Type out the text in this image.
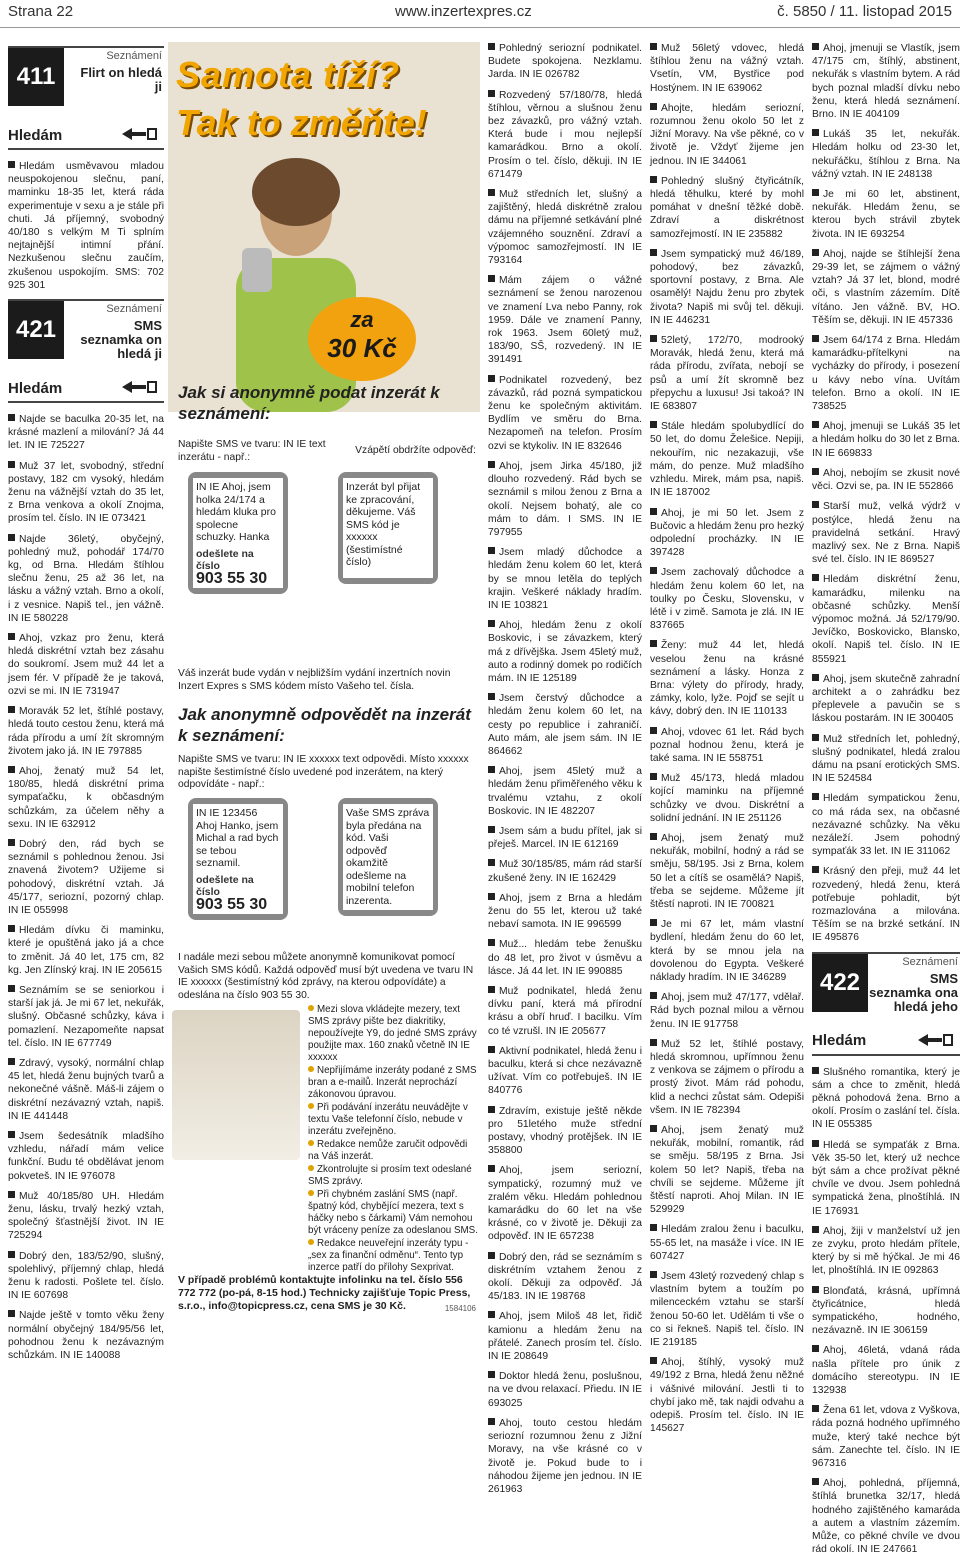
Strana 22	www.inzertexpres.cz	č. 5850 / 11. listopad 2015
411
Seznámení
Flirt on hledá ji
Hledám
Hledám usměvavou mladou neuspokojenou slečnu, paní, maminku 18-35 let, která ráda experimentuje v sexu a je stále při chuti. Já příjemný, svobodný 40/180 s velkým M Ti splním nejtajnější intimní přání. Nezkušenou slečnu zaučím, zkušenou uspokojím. SMS: 702 925 301
421
Seznámení
SMS seznamka on hledá ji
Hledám
Najde se baculka 20-35 let, na krásné mazlení a milování? Já 44 let. IN IE 725227
Muž 37 let, svobodný, střední postavy, 182 cm vysoký, hledám ženu na vážnější vztah do 35 let, z Brna venkova a okolí Znojma, prosím tel. číslo. IN IE 073421
Najde 36letý, obyčejný, pohledný muž, pohodář 174/70 kg, od Brna. Hledám štíhlou slečnu ženu, 25 až 36 let, na lásku a vážný vztah. Brno a okolí, i z vesnice. Napiš tel., jen vážně. IN IE 580228
Ahoj, vzkaz pro ženu, která hledá diskrétní vztah bez zásahu do soukromí. Jsem muž 44 let a jsem fér. V případě že je taková, ozvi se mi. IN IE 731947
Moravák 52 let, štíhlé postavy, hledá touto cestou ženu, která má ráda přírodu a umí žít skromným životem jako já. IN IE 797885
Ahoj, ženatý muž 54 let, 180/85, hledá diskrétní prima sympaťačku, k občasdným schůzkám, za účelem něhy a sexu. IN IE 632912
Dobrý den, rád bych se seznámil s pohlednou ženou. Jsi znavená životem? Užijeme si pohodový, diskrétní vztah. Já 45/177, seriozní, pozorný chlap. IN IE 055998
Hledám dívku či maminku, které je opuštěná jako já a chce to změnit. Já 40 let, 175 cm, 82 kg. Jen Zlínský kraj. IN IE 205615
Seznámím se se seniorkou i starší jak já. Je mi 67 let, nekuřák, slušný. Občasné schůzky, káva i pomazlení. Nezapomeňte napsat tel. číslo. IN IE 677749
Zdravý, vysoký, normální chlap 45 let, hledá ženu bujných tvarů a nekonečné vášně. Máš-li zájem o diskrétní nezávazný vztah, napiš. IN IE 441448
Jsem šedesátník mladšího vzhledu, nářadí mám velice funkční. Budu té obdělávat jenom pokveteš. IN IE 976078
Muž 40/185/80 UH. Hledám ženu, lásku, trvalý hezký vztah, společný šťastnější život. IN IE 725294
Dobrý den, 183/52/90, slušný, spolehlivý, příjemný chlap, hledá ženu k radosti. Pošlete tel. číslo. IN IE 607698
Najde ještě v tomto věku ženy normální obyčejný 184/95/56 let, pohodnou ženu k nezávazným schůzkám. IN IE 140088
Samota tíží?
Tak to změňte!
za
30 Kč
Jak si anonymně podat inzerát k seznámení:
Napište SMS ve tvaru: IN IE text inzerátu - např.:
Vzápětí obdržíte odpověď:
IN IE Ahoj, jsem holka 24/174 a hledám kluka pro spolecne schuzky. Hanka
odešlete na číslo
903 55 30
Inzerát byl přijat ke zpracování, děkujeme. Váš SMS kód je xxxxxx (šestimístné číslo)
Váš inzerát bude vydán v nejbližším vydání inzertních novin Inzert Expres s SMS kódem místo Vašeho tel. čísla.
Jak anonymně odpovědět na inzerát k seznámení:
Napište SMS ve tvaru: IN IE xxxxxx text odpovědi. Místo xxxxxx napište šestimístné číslo uvedené pod inzerátem, na který odpovídáte - např.:
IN IE 123456 Ahoj Hanko, jsem Michal a rad bych se tebou seznamil.
odešlete na číslo
903 55 30
Vaše SMS zpráva byla předána na kód. Vaši odpověď okamžitě odešleme na mobilní telefon inzerenta.
I nadále mezi sebou můžete anonymně komunikovat pomocí Vašich SMS kódů. Každá odpověď musí být uvedena ve tvaru IN IE xxxxxx (šestimístný kód zprávy, na kterou odpovídáte) a odeslána na číslo 903 55 30.
Mezi slova vkládejte mezery, text SMS zprávy pište bez diakritiky, nepoužívejte Y9, do jedné SMS zprávy použijte max. 160 znaků včetně IN IE xxxxxx
Nepřijímáme inzeráty podané z SMS bran a e-mailů. Inzerát neprochází zákonovou úpravou.
Při podávání inzerátu neuvádějte v textu Vaše telefonní číslo, nebude v inzerátu zveřejněno.
Redakce nemůže zaručit odpovědi na Váš inzerát.
Zkontrolujte si prosím text odeslané SMS zprávy.
Při chybném zaslání SMS (např. špatný kód, chybějící mezera, text s háčky nebo s čárkami) Vám nemohou být vráceny peníze za odeslanou SMS.
Redakce neuveřejní inzeráty typu - „sex za finanční odměnu“. Tento typ inzerce patří do přílohy Sexprivat.
V případě problémů kontaktujte infolinku na tel. číslo 556 772 772 (po-pá, 8-15 hod.) Technicky zajišťuje Topic Press, s.r.o., info@topicpress.cz, cena SMS je 30 Kč.	1584106
Pohledný seriozní podnikatel. Budete spokojena. Nezklamu. Jarda. IN IE 026782
Rozvedený 57/180/78, hledá štíhlou, věrnou a slušnou ženu bez závazků, pro vážný vztah. Která bude i mou nejlepší kamarádkou. Brno a okolí. Prosím o tel. číslo, děkuji. IN IE 671479
Muž středních let, slušný a zajištěný, hledá diskrétně zralou dámu na příjemné setkávání plné vzájemného souznění. Zdraví a výpomoc samozřejmostí. IN IE 793164
Mám zájem o vážné seznámení se ženou narozenou ve znamení Lva nebo Panny, rok 1959. Dále ve znamení Panny, rok 1963. Jsem 60letý muž, 183/90, SŠ, rozvedený. IN IE 391491
Podnikatel rozvedený, bez závazků, rád pozná sympatickou ženu ke společným aktivitám. Bydlím ve směru do Brna. Nezapomeň na telefon. Prosím ozvi se ktykoliv. IN IE 832646
Ahoj, jsem Jirka 45/180, již dlouho rozvedený. Rád bych se seznámil s milou ženou z Brna a okolí. Nejsem bohatý, ale co mám to dám. I SMS. IN IE 797955
Jsem mladý důchodce a hledám ženu kolem 60 let, která by se mnou letěla do teplých krajin. Veškeré náklady hradím. IN IE 103821
Ahoj, hledám ženu z okolí Boskovic, i se závazkem, který má z dřívějška. Jsem 45letý muž, auto a rodinný domek po rodičích mám. IN IE 125189
Jsem čerstvý důchodce a hledám ženu kolem 60 let, na cesty po republice i zahraničí. Auto mám, ale jsem sám. IN IE 864662
Ahoj, jsem 45letý muž a hledám ženu přiměřeného věku k trvalému vztahu, z okolí Boskovic. IN IE 482207
Jsem sám a budu přítel, jak si přeješ. Marcel. IN IE 612169
Muž 30/185/85, mám rád starší zkušené ženy. IN IE 162429
Ahoj, jsem z Brna a hledám ženu do 55 let, kterou už také nebaví samota. IN IE 996599
Muž... hledám tebe ženušku do 48 let, pro život v úsměvu a lásce. Já 44 let. IN IE 990885
Muž podnikatel, hledá ženu dívku paní, která má přírodní krásu a obří hruď. I bacilku. Vím co té vzrušl. IN IE 205677
Aktivní podnikatel, hledá ženu i baculku, která si chce nezávazně užívat. Vím co potřebuješ. IN IE 840776
Zdravím, existuje ještě někde pro 51letého muže střední postavy, vhodný protějšek. IN IE 358800
Ahoj, jsem seriozní, sympatický, rozumný muž ve zralém věku. Hledám pohlednou kamarádku do 60 let na vše krásné, co v životě je. Děkuji za odpověď. IN IE 657238
Dobrý den, rád se seznámím s diskrétním vztahem ženou z okolí. Děkuji za odpověď. Já 45/183. IN IE 198768
Ahoj, jsem Miloš 48 let, řidič kamionu a hledám ženu na přátelé. Zanech prosím tel. číslo. IN IE 208649
Doktor hledá ženu, poslušnou, na ve dvou relaxací. Přiedu. IN IE 693025
Ahoj, touto cestou hledám seriozní rozumnou ženu z Jižní Moravy, na vše krásné co v životě je. Pokud bude to i náhodou žijeme jen jednou. IN IE 261963
Muž 56letý vdovec, hledá štíhlou ženu na vážný vztah. Vsetín, VM, Bystřice pod Hostýnem. IN IE 639062
Ahojte, hledám seriozní, rozumnou ženu okolo 50 let z Jižní Moravy. Na vše pěkné, co v životě je. Vždyť žijeme jen jednou. IN IE 344061
Pohledný slušný čtyřicátník, hledá těhulku, které by mohl pomáhat v dnešní těžké době. Zdraví a diskrétnost samozřejmostí. IN IE 235882
Jsem sympatický muž 46/189, pohodový, bez závazků, sportovní postavy, z Brna. Ale osamělý! Najdu ženu pro zbytek života? Napiš mi svůj tel. děkuji. IN IE 446231
52letý, 172/70, modrooký Moravák, hledá ženu, která má ráda přírodu, zvířata, nebojí se psů a umí žít skromně bez přepychu a luxusu! Jsi takoá? IN IE 683807
Stále hledám spolubydlící do 50 let, do domu Želešice. Nepiji, nekouřím, nic nezakazuji, vše mám, do penze. Muž mladšího vzhledu. Mirek, mám psa, napiš. IN IE 187002
Ahoj, je mi 50 let. Jsem z Bučovic a hledám ženu pro hezký odpolední procházky. IN IE 397428
Jsem zachovalý důchodce a hledám ženu kolem 60 let, na toulky po Česku, Slovensku, v létě i v zimě. Samota je zlá. IN IE 837665
Ženy: muž 44 let, hledá veselou ženu na krásné seznámení a lásky. Honza z Brna: výlety do přírody, hrady, zámky, kolo, lyže. Pojď se sejít u kávy, dobrý den. IN IE 110133
Ahoj, vdovec 61 let. Rád bych poznal hodnou ženu, která je také sama. IN IE 558751
Muž 45/173, hledá mladou kojící maminku na příjemné schůzky ve dvou. Diskrétní a solidní jednání. IN IE 251126
Ahoj, jsem ženatý muž nekuřák, mobilní, hodný a rád se směju, 58/195. Jsi z Brna, kolem 50 let a cítíš se osamělá? Napiš, třeba se sejdeme. Můžeme jít štěstí naproti. IN IE 700821
Je mi 67 let, mám vlastní bydlení, hledám ženu do 60 let, která by se mnou jela na dovolenou do Egypta. Veškeré náklady hradím. IN IE 346289
Ahoj, jsem muž 47/177, vdělař. Rád bych poznal milou a věrnou ženu. IN IE 917758
Muž 52 let, štíhlé postavy, hledá skromnou, upřímnou ženu z venkova se zájmem o přírodu a prostý život. Mám rád pohodu, klid a nechci zůstat sám. Odepiši všem. IN IE 782394
Ahoj, jsem ženatý muž nekuřák, mobilní, romantik, rád se směju. 58/195 z Brna. Jsi kolem 50 let? Napiš, třeba na chvíli se sejdeme. Můžeme jít štěstí naproti. Ahoj Milan. IN IE 529929
Hledám zralou ženu i baculku, 55-65 let, na masáže i více. IN IE 607427
Jsem 43letý rozvedený chlap s vlastním bytem a toužím po milenceckém vztahu se starší ženou 50-60 let. Udělám ti vše o co si řekneš. Napiš tel. číslo. IN IE 219185
Ahoj, štíhlý, vysoký muž 49/192 z Brna, hledá ženu něžné i vášnivé milování. Jestli ti to chybí jako mě, tak najdi odvahu a odepiš. Prosím tel. číslo. IN IE 145627
Ahoj, jmenuji se Vlastík, jsem 47/175 cm, štíhlý, abstinent, nekuřák s vlastním bytem. A rád bych poznal mladší dívku nebo ženu, která hledá seznámení. Brno. IN IE 404109
Lukáš 35 let, nekuřák. Hledám holku od 23-30 let, nekuřáčku, štíhlou z Brna. Na vážný vztah. IN IE 248138
Je mi 60 let, abstinent, nekuřák. Hledám ženu, se kterou bych strávil zbytek života. IN IE 693254
Ahoj, najde se štíhlejší žena 29-39 let, se zájmem o vážný vztah? Já 37 let, blond, modré oči, s vlastním zázemím. Dítě vítáno. Jen vážně. BV, HO. Těším se, děkuji. IN IE 457336
Jsem 64/174 z Brna. Hledám kamarádku-přítelkyni na vycházky do přírody, i posezení u kávy nebo vína. Uvítám telefon. Brno a okolí. IN IE 738525
Ahoj, jmenuji se Lukáš 35 let a hledám holku do 30 let z Brna. IN IE 669833
Ahoj, nebojím se zkusit nové věci. Ozvi se, pa. IN IE 552866
Starší muž, velká výdrž v postýlce, hledá ženu na pravidelná setkání. Hravý mazlivý sex. Ne z Brna. Napiš své tel. číslo. IN IE 869527
Hledám diskrétní ženu, kamarádku, milenku na občasné schůzky. Menší výpomoc možná. Já 52/179/90. Jevíčko, Boskovicko, Blansko, okolí. Napiš tel. číslo. IN IE 855921
Ahoj, jsem skutečně zahradní architekt a o zahrádku bez přeplevele a pavučin se s láskou postarám. IN IE 300405
Muž středních let, pohledný, slušný podnikatel, hledá zralou dámu na psaní erotických SMS. IN IE 524584
Hledám sympatickou ženu, co má ráda sex, na občasné nezávazné schůzky. Na věku nezáleží. Jsem pohodný sympaťák 33 let. IN IE 311062
Krásný den přeji, muž 44 let rozvedený, hledá ženu, která potřebuje pohladit, být rozmazlována a milována. Těším se na brzké setkání. IN IE 495876
422
Seznámení
SMS seznamka ona hledá jeho
Hledám
Slušného romantika, který je sám a chce to změnit, hledá pěkná pohodová žena. Brno a okolí. Prosím o zaslání tel. čísla. IN IE 055385
Hledá se sympaťák z Brna. Věk 35-50 let, který už nechce být sám a chce prožívat pěkné chvíle ve dvou. Jsem pohledná sympatická žena, plnoštíhlá. IN IE 176931
Ahoj, žiji v manželství už jen ze zvyku, proto hledám přítele, který by si mě hýčkal. Je mi 46 let, plnoštíhlá. IN IE 092863
Blonďatá, krásná, upřímná čtyřicátnice, hledá sympatického, hodného, nezávazně. IN IE 306159
Ahoj, 46letá, vdaná ráda našla přítele pro únik z domácího stereotypu. IN IE 132938
Žena 61 let, vdova z Vyškova, ráda pozná hodného upřímného muže, který také nechce být sám. Zanechte tel. číslo. IN IE 967316
Ahoj, pohledná, příjemná, štíhlá brunetka 32/17, hledá hodného zajištěného kamaráda a autem a vlastním zázemím. Může, co pěkné chvíle ve dvou rád okolí. IN IE 247661
